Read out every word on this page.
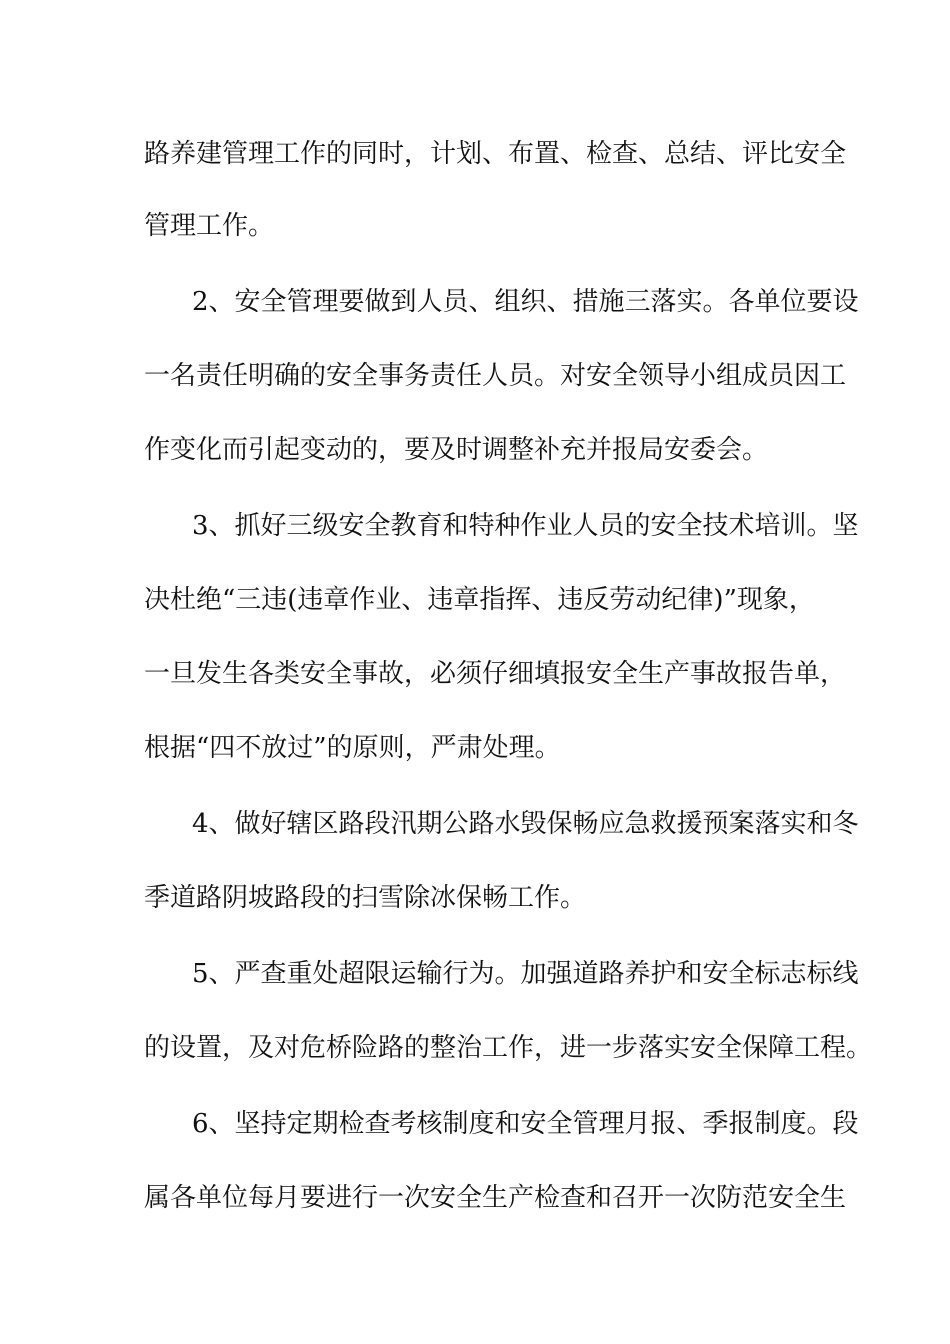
路养建管理工作的同时，计划、布置、检查、总结、评比安全
管理工作。
2、安全管理要做到人员、组织、措施三落实。各单位要设
一名责任明确的安全事务责任人员。对安全领导小组成员因工
作变化而引起变动的，要及时调整补充并报局安委会。
3、抓好三级安全教育和特种作业人员的安全技术培训。坚
决杜绝“三违(违章作业、违章指挥、违反劳动纪律)”现象，
一旦发生各类安全事故，必须仔细填报安全生产事故报告单，
根据“四不放过”的原则，严肃处理。
4、做好辖区路段汛期公路水毁保畅应急救援预案落实和冬
季道路阴坡路段的扫雪除冰保畅工作。
5、严查重处超限运输行为。加强道路养护和安全标志标线
的设置，及对危桥险路的整治工作，进一步落实安全保障工程。
6、坚持定期检查考核制度和安全管理月报、季报制度。段
属各单位每月要进行一次安全生产检查和召开一次防范安全生
